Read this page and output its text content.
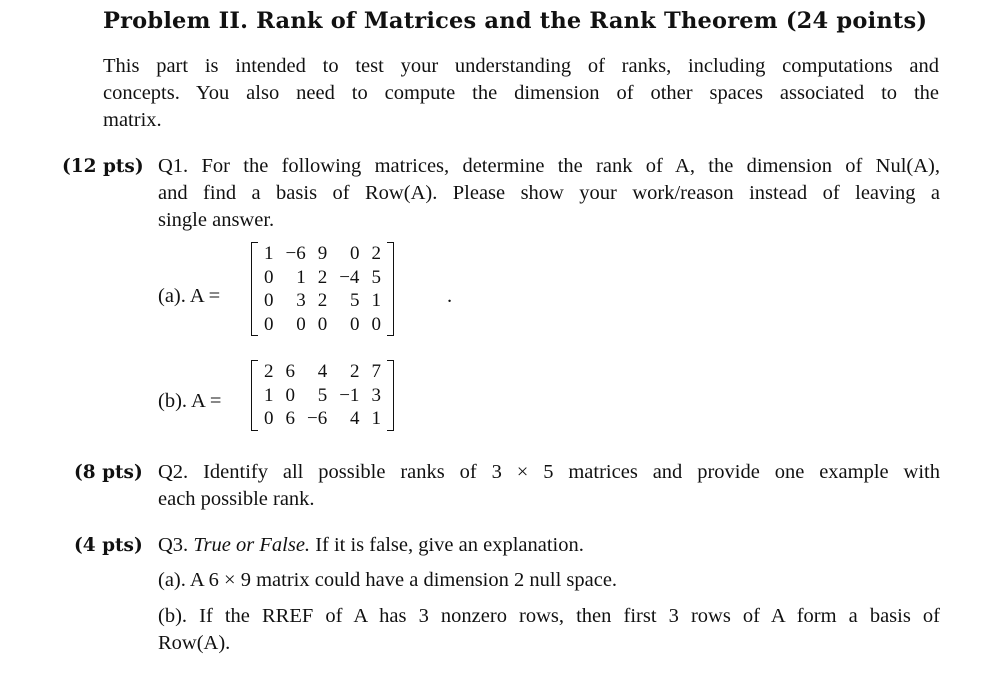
Problem II. Rank of Matrices and the Rank Theorem (24 points)
This part is intended to test your understanding of ranks, including computations and
concepts. You also need to compute the dimension of other spaces associated to the
matrix.
(12 pts) Q1. For the following matrices, determine the rank of A, the dimension of Nul(A),
and find a basis of Row(A). Please show your work/reason instead of leaving a
single answer.
(a). A =
1	−6	9	0	2
0	1	2	−4	5
0	3	2	5	1
0	0	0	0	0
.
(b). A =
2	6	4	2	7
1	0	5	−1	3
0	6	−6	4	1
(8 pts) Q2. Identify all possible ranks of 3 × 5 matrices and provide one example with
each possible rank.
(4 pts) Q3. True or False. If it is false, give an explanation.
(a). A 6 × 9 matrix could have a dimension 2 null space.
(b). If the RREF of A has 3 nonzero rows, then first 3 rows of A form a basis of
Row(A).
